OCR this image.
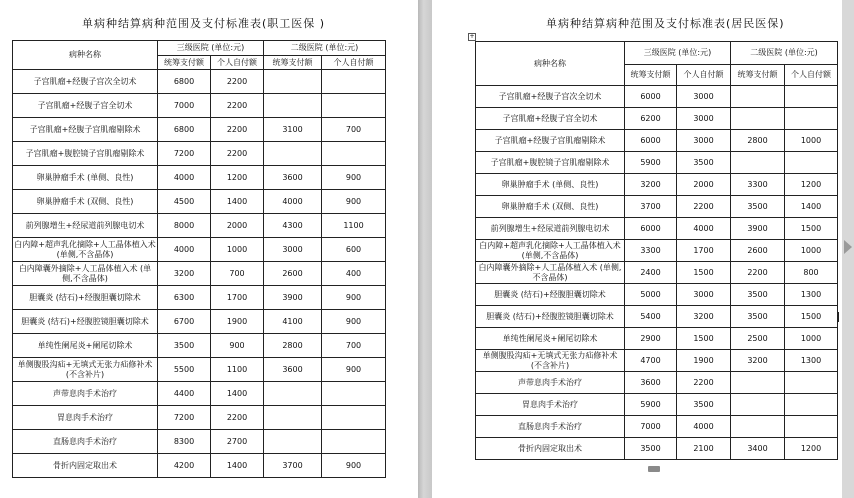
单病种结算病种范围及支付标准表(职工医保 )	单病种结算病种范围及支付标准表(居民医保)
+
病种名称	三级医院 (单位:元)		二级医院 (单位:元)	
	统筹支付额	个人自付额	统筹支付额	个人自付额
子宫肌瘤+经腹子宫次全切术	6800	2200		
子宫肌瘤+经腹子宫全切术	7000	2200		
子宫肌瘤+经腹子宫肌瘤剔除术	6800	2200	3100	700
子宫肌瘤+腹腔镜子宫肌瘤剔除术	7200	2200		
卵巢肿瘤手术 (单侧、良性)	4000	1200	3600	900
卵巢肿瘤手术 (双侧、良性)	4500	1400	4000	900
前列腺增生+经尿道前列腺电切术	8000	2000	4300	1100
白内障+超声乳化摘除+人工晶体植入术 (单侧,不含晶体)	4000	1000	3000	600
白内障囊外摘除+人工晶体植入术 (单侧,不含晶体)	3200	700	2600	400
胆囊炎 (结石)+经腹胆囊切除术	6300	1700	3900	900
胆囊炎 (结石)+经腹腔镜胆囊切除术	6700	1900	4100	900
单纯性阑尾炎+阑尾切除术	3500	900	2800	700
单侧腹股沟疝+无填式无张力疝修补术 (不含补片)	5500	1100	3600	900
声带息肉手术治疗	4400	1400		
胃息肉手术治疗	7200	2200		
直肠息肉手术治疗	8300	2700		
骨折内固定取出术	4200	1400	3700	900
病种名称	三级医院 (单位:元)		二级医院 (单位:元)	
	统筹支付额	个人自付额	统筹支付额	个人自付额
子宫肌瘤+经腹子宫次全切术	6000	3000		
子宫肌瘤+经腹子宫全切术	6200	3000		
子宫肌瘤+经腹子宫肌瘤剔除术	6000	3000	2800	1000
子宫肌瘤+腹腔镜子宫肌瘤剔除术	5900	3500		
卵巢肿瘤手术 (单侧、良性)	3200	2000	3300	1200
卵巢肿瘤手术 (双侧、良性)	3700	2200	3500	1400
前列腺增生+经尿道前列腺电切术	6000	4000	3900	1500
白内障+超声乳化摘除+人工晶体植入术 (单侧,不含晶体)	3300	1700	2600	1000
白内障囊外摘除+人工晶体植入术 (单侧,不含晶体)	2400	1500	2200	800
胆囊炎 (结石)+经腹胆囊切除术	5000	3000	3500	1300
胆囊炎 (结石)+经腹腔镜胆囊切除术	5400	3200	3500	1500
单纯性阑尾炎+阑尾切除术	2900	1500	2500	1000
单侧腹股沟疝+无填式无张力疝修补术 (不含补片)	4700	1900	3200	1300
声带息肉手术治疗	3600	2200		
胃息肉手术治疗	5900	3500		
直肠息肉手术治疗	7000	4000		
骨折内固定取出术	3500	2100	3400	1200
